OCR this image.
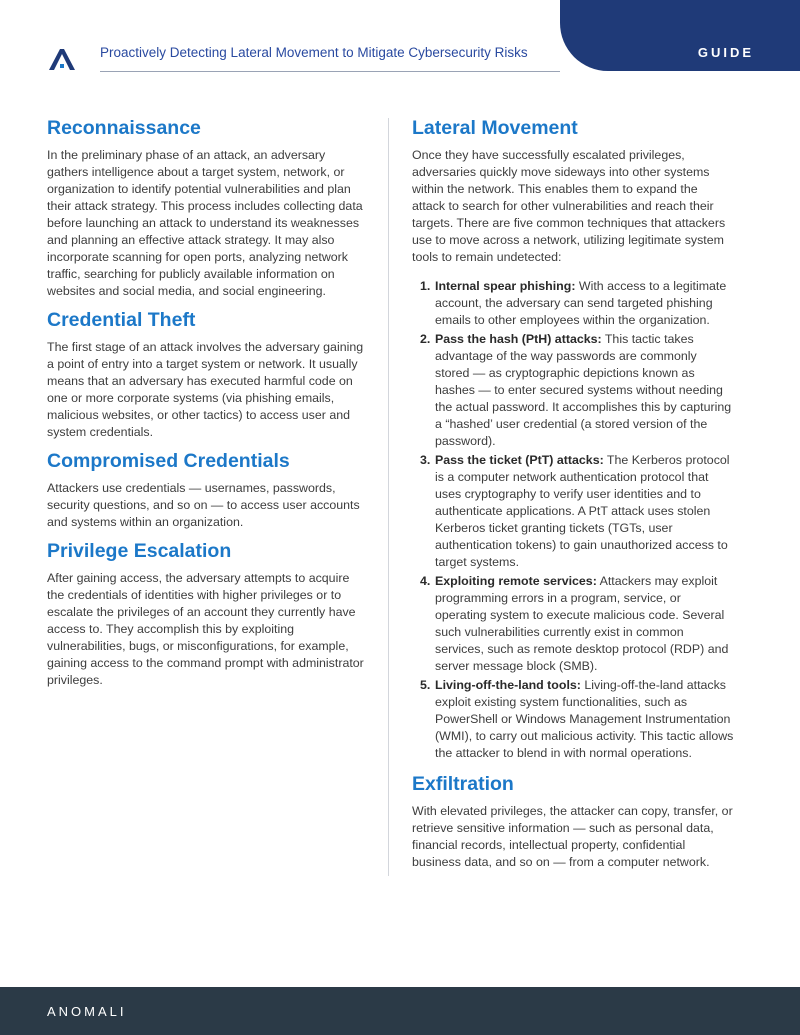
GUIDE
Proactively Detecting Lateral Movement to Mitigate Cybersecurity Risks
Reconnaissance

In the preliminary phase of an attack, an adversary gathers intelligence about a target system, network, or organization to identify potential vulnerabilities and plan their attack strategy. This process includes collecting data before launching an attack to understand its weaknesses and planning an effective attack strategy. It may also incorporate scanning for open ports, analyzing network traffic, searching for publicly available information on websites and social media, and social engineering.

Credential Theft

The first stage of an attack involves the adversary gaining a point of entry into a target system or network. It usually means that an adversary has executed harmful code on one or more corporate systems (via phishing emails, malicious websites, or other tactics) to access user and system credentials.

Compromised Credentials

Attackers use credentials — usernames, passwords, security questions, and so on — to access user accounts and systems within an organization.

Privilege Escalation

After gaining access, the adversary attempts to acquire the credentials of identities with higher privileges or to escalate the privileges of an account they currently have access to. They accomplish this by exploiting vulnerabilities, bugs, or misconfigurations, for example, gaining access to the command prompt with administrator privileges.

Lateral Movement

Once they have successfully escalated privileges, adversaries quickly move sideways into other systems within the network. This enables them to expand the attack to search for other vulnerabilities and reach their targets. There are five common techniques that attackers use to move across a network, utilizing legitimate system tools to remain undetected:

1. Internal spear phishing: With access to a legitimate account, the adversary can send targeted phishing emails to other employees within the organization.
2. Pass the hash (PtH) attacks: This tactic takes advantage of the way passwords are commonly stored — as cryptographic depictions known as hashes — to enter secured systems without needing the actual password. It accomplishes this by capturing a “hashed’ user credential (a stored version of the password).
3. Pass the ticket (PtT) attacks: The Kerberos protocol is a computer network authentication protocol that uses cryptography to verify user identities and to authenticate applications. A PtT attack uses stolen Kerberos ticket granting tickets (TGTs, user authentication tokens) to gain unauthorized access to target systems.
4. Exploiting remote services: Attackers may exploit programming errors in a program, service, or operating system to execute malicious code. Several such vulnerabilities currently exist in common services, such as remote desktop protocol (RDP) and server message block (SMB).
5. Living-off-the-land tools: Living-off-the-land attacks exploit existing system functionalities, such as PowerShell or Windows Management Instrumentation (WMI), to carry out malicious activity. This tactic allows the attacker to blend in with normal operations.
Exfiltration

With elevated privileges, the attacker can copy, transfer, or retrieve sensitive information — such as personal data, financial records, intellectual property, confidential business data, and so on — from a computer network.

ANOMALI
